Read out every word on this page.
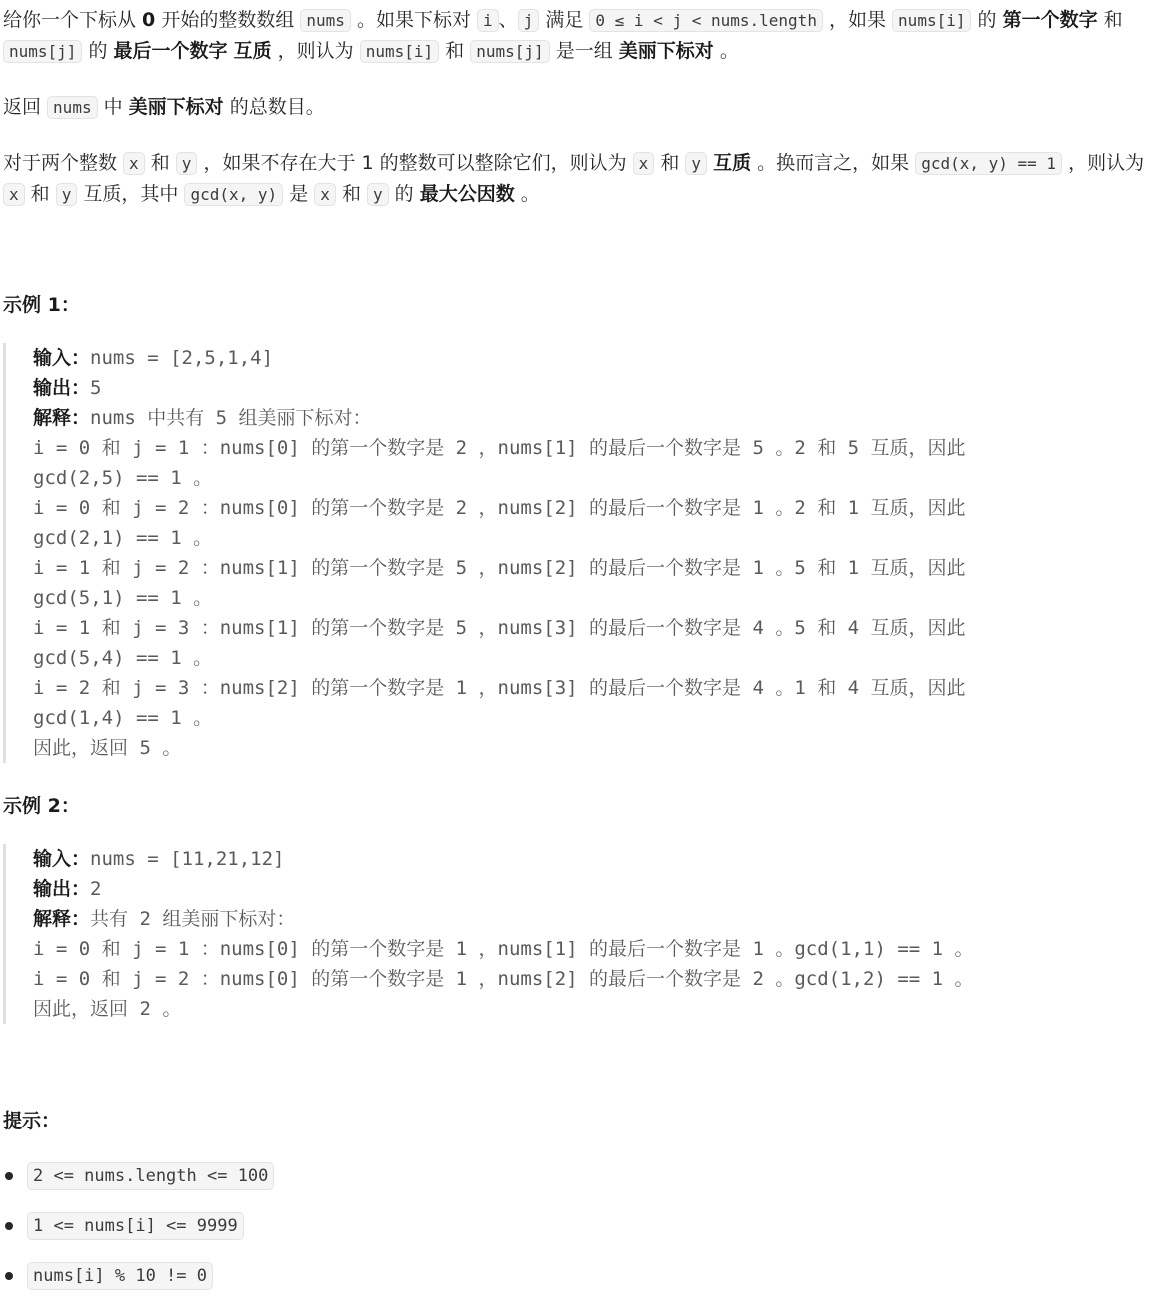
给你一个下标从 0 开始的整数数组 nums 。如果下标对 i 、 j 满足 0 ≤ i < j < nums.length ，如果 nums[i] 的 第一个数字 和 nums[j] 的 最后一个数字 互质 ，则认为 nums[i] 和 nums[j] 是一组 美丽下标对 。

返回 nums 中 美丽下标对 的总数目。

对于两个整数 x 和 y ，如果不存在大于 1 的整数可以整除它们，则认为 x 和 y 互质 。换而言之，如果 gcd(x, y) == 1 ，则认为 x 和 y 互质，其中 gcd(x, y) 是 x 和 y 的 最大公因数 。

示例 1：
输入：nums = [2,5,1,4]
输出：5
解释：nums 中共有 5 组美丽下标对：
i = 0 和 j = 1 ：nums[0] 的第一个数字是 2 ，nums[1] 的最后一个数字是 5 。2 和 5 互质，因此
gcd(2,5) == 1 。
i = 0 和 j = 2 ：nums[0] 的第一个数字是 2 ，nums[2] 的最后一个数字是 1 。2 和 1 互质，因此
gcd(2,1) == 1 。
i = 1 和 j = 2 ：nums[1] 的第一个数字是 5 ，nums[2] 的最后一个数字是 1 。5 和 1 互质，因此
gcd(5,1) == 1 。
i = 1 和 j = 3 ：nums[1] 的第一个数字是 5 ，nums[3] 的最后一个数字是 4 。5 和 4 互质，因此
gcd(5,4) == 1 。
i = 2 和 j = 3 ：nums[2] 的第一个数字是 1 ，nums[3] 的最后一个数字是 4 。1 和 4 互质，因此
gcd(1,4) == 1 。
因此，返回 5 。
示例 2：
输入：nums = [11,21,12]
输出：2
解释：共有 2 组美丽下标对：
i = 0 和 j = 1 ：nums[0] 的第一个数字是 1 ，nums[1] 的最后一个数字是 1 。gcd(1,1) == 1 。
i = 0 和 j = 2 ：nums[0] 的第一个数字是 1 ，nums[2] 的最后一个数字是 2 。gcd(1,2) == 1 。
因此，返回 2 。
提示：
2 <= nums.length <= 100
1 <= nums[i] <= 9999
nums[i] % 10 != 0
